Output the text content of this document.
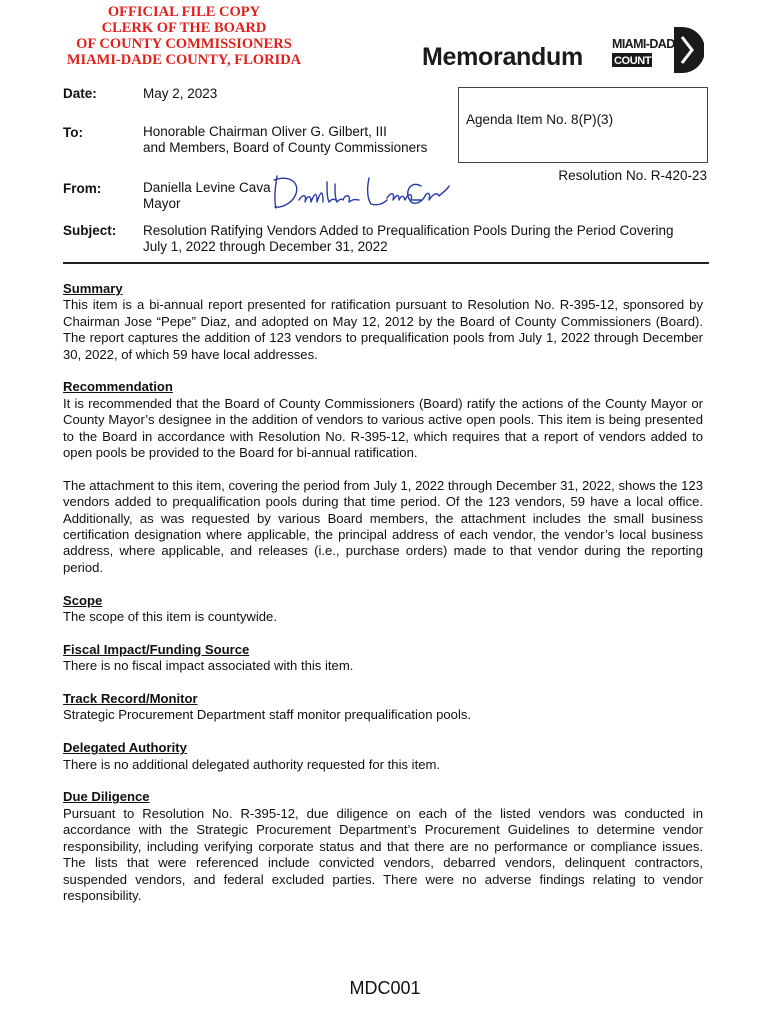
OFFICIAL FILE COPY
CLERK OF THE BOARD
OF COUNTY COMMISSIONERS
MIAMI-DADE COUNTY, FLORIDA	Memorandum MIAMI-DADE
COUNTY
Date:	May 2, 2023
To:	Honorable Chairman Oliver G. Gilbert, III
and Members, Board of County Commissioners
From:	Daniella Levine Cava
Mayor
Subject: Resolution Ratifying Vendors Added to Prequalification Pools During the Period Covering
July 1, 2022 through December 31, 2022
Agenda Item No. 8(P)(3)
Resolution No. R-420-23
Summary

This item is a bi-annual report presented for ratification pursuant to Resolution No. R-395-12, sponsored by Chairman Jose “Pepe” Diaz, and adopted on May 12, 2012 by the Board of County Commissioners (Board). The report captures the addition of 123 vendors to prequalification pools from July 1, 2022 through December 30, 2022, of which 59 have local addresses.

Recommendation

It is recommended that the Board of County Commissioners (Board) ratify the actions of the County Mayor or County Mayor’s designee in the addition of vendors to various active open pools. This item is being presented to the Board in accordance with Resolution No. R-395-12, which requires that a report of vendors added to open pools be provided to the Board for bi-annual ratification.

The attachment to this item, covering the period from July 1, 2022 through December 31, 2022, shows the 123 vendors added to prequalification pools during that time period. Of the 123 vendors, 59 have a local office. Additionally, as was requested by various Board members, the attachment includes the small business certification designation where applicable, the principal address of each vendor, the vendor’s local business address, where applicable, and releases (i.e., purchase orders) made to that vendor during the reporting period.

Scope

The scope of this item is countywide.

Fiscal Impact/Funding Source

There is no fiscal impact associated with this item.

Track Record/Monitor

Strategic Procurement Department staff monitor prequalification pools.

Delegated Authority

There is no additional delegated authority requested for this item.

Due Diligence

Pursuant to Resolution No. R-395-12, due diligence on each of the listed vendors was conducted in accordance with the Strategic Procurement Department’s Procurement Guidelines to determine vendor responsibility, including verifying corporate status and that there are no performance or compliance issues. The lists that were referenced include convicted vendors, debarred vendors, delinquent contractors, suspended vendors, and federal excluded parties. There were no adverse findings relating to vendor responsibility.

MDC001
